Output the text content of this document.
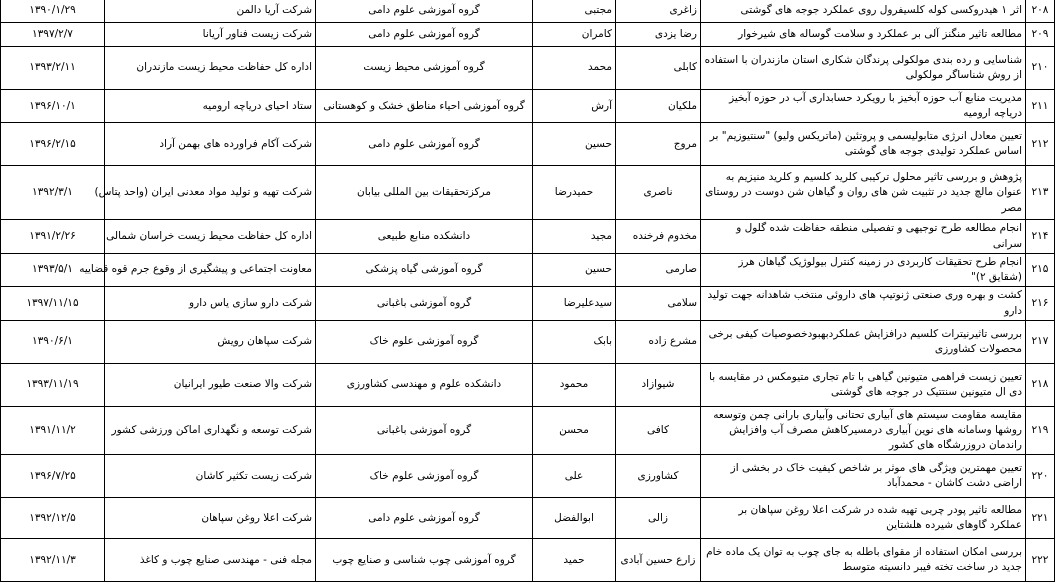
۲۰۸	اثر ۱ هیدروکسی کوله کلسیفرول روی عملکرد جوجه های گوشتی	زاغری	مجتبی	گروه آموزشی علوم دامی	شرکت آریا دالمن	۱۳۹۰/۱/۲۹
۲۰۹	مطالعه تاثیر منگنز آلی بر عملکرد و سلامت گوساله های شیرخوار	رضا یزدی	کامران	گروه آموزشی علوم دامی	شرکت زیست فناور آریانا	۱۳۹۷/۲/۷
۲۱۰	شناسایی و رده بندی مولکولی پرندگان شکاری استان مازندران با استفاده از روش شناساگر مولکولی	کابلی	محمد	گروه آموزشی محیط زیست	اداره کل حفاظت محیط زیست مازندران	۱۳۹۳/۲/۱۱
۲۱۱	مدیریت منابع آب حوزه آبخیز با رویکرد حسابداری آب در حوزه آبخیز دریاچه ارومیه	ملکیان	آرش	گروه آموزشی احیاء مناطق خشک و کوهستانی	ستاد احیای دریاچه ارومیه	۱۳۹۶/۱۰/۱
۲۱۲	تعیین معادل انرژی متابولیسمی و پروتئین (ماتریکس ولیو) "سنتیوزیم" بر اساس عملکرد تولیدی جوجه های گوشتی	مروج	حسین	گروه آموزشی علوم دامی	شرکت آکام فراورده های بهمن آراد	۱۳۹۶/۲/۱۵
۲۱۳	پژوهش و بررسی تاثیر محلول ترکیبی کلرید کلسیم و کلرید منیزیم به عنوان مالچ جدید در تثبیت شن های روان و گیاهان شن دوست در روستای مصر	ناصری	حمیدرضا	مرکزتحقیقات بین المللی بیابان	شرکت تهیه و تولید مواد معدنی ایران (واحد پتاس)	۱۳۹۲/۳/۱
۲۱۴	انجام مطالعه طرح توجیهی و تفصیلی منطقه حفاظت شده گلول و سرانی	مخدوم فرخنده	مجید	دانشکده منابع طبیعی	اداره کل حفاظت محیط زیست خراسان شمالی	۱۳۹۱/۲/۲۶
۲۱۵	انجام طرح تحقیقات کاربردی در زمینه کنترل بیولوژیک گیاهان هرز (شقایق ۲)"	صارمی	حسین	گروه آموزشی گیاه پزشکی	معاونت اجتماعی و پیشگیری از وقوع جرم قوه قضاییه	۱۳۹۳/۵/۱
۲۱۶	کشت و بهره وری صنعتی ژنوتیپ های داروئی منتخب شاهدانه جهت تولید دارو	سلامی	سیدعلیرضا	گروه آموزشی باغبانی	شرکت دارو سازی یاس دارو	۱۳۹۷/۱۱/۱۵
۲۱۷	بررسی تاثیرنیترات کلسیم درافزایش عملکردبهبودخصوصیات کیفی برخی محصولات کشاورزی	مشرع زاده	بابک	گروه آموزشی علوم خاک	شرکت سپاهان رویش	۱۳۹۰/۶/۱
۲۱۸	تعیین زیست فراهمی متیونین گیاهی با تام تجاری متیومکس در مقایسه با دی ال متیونین سنتتیک در جوجه های گوشتی	شیوازاد	محمود	دانشکده علوم و مهندسی کشاورزی	شرکت والا صنعت طیور ایرانیان	۱۳۹۳/۱۱/۱۹
۲۱۹	مقایسه مقاومت سیستم های آبیاری تحتانی وآبیاری بارانی چمن وتوسعه روشها وسامانه های نوین آبیاری درمسیرکاهش مصرف آب وافزایش راندمان دروزرشگاه های کشور	کافی	محسن	گروه آموزشی باغبانی	شرکت توسعه و نگهداری اماکن ورزشی کشور	۱۳۹۱/۱۱/۲
۲۲۰	تعیین مهمترین ویژگی های موثر بر شاخص کیفیت خاک در بخشی از اراضی دشت کاشان - محمدآباد	کشاورزی	علی	گروه آموزشی علوم خاک	شرکت زیست تکثیر کاشان	۱۳۹۶/۷/۲۵
۲۲۱	مطالعه تاثیر پودر چربی تهیه شده در شرکت اعلا روغن سپاهان بر عملکرد گاوهای شیرده هلشتاین	زالی	ابوالفضل	گروه آموزشی علوم دامی	شرکت اعلا روغن سپاهان	۱۳۹۲/۱۲/۵
۲۲۲	بررسی امکان استفاده از مقوای باطله به جای چوب به توان یک ماده خام جدید در ساخت تخته فیبر دانسیته متوسط	زارع حسین آبادی	حمید	گروه آموزشی چوب شناسی و صنایع چوب	مجله فنی - مهندسی صنایع چوب و کاغذ	۱۳۹۲/۱۱/۳
